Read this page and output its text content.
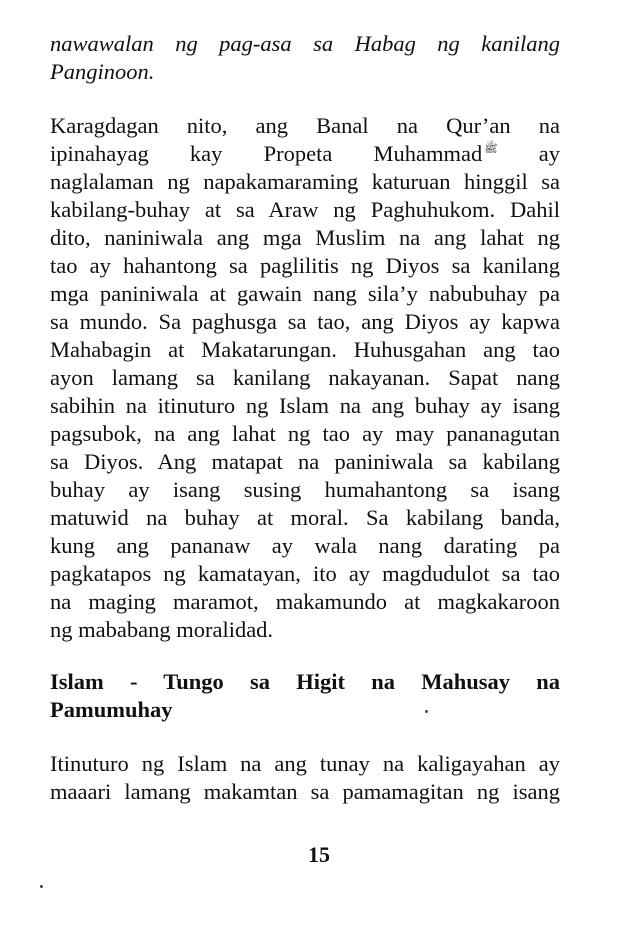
nawawalan ng pag-asa sa Habag ng kanilang
Panginoon.

Karagdagan nito, ang Banal na Qur’an na
ipinahayag kay Propeta Muhammad ﷺ ay
naglalaman ng napakamaraming katuruan hinggil sa
kabilang-buhay at sa Araw ng Paghuhukom. Dahil
dito, naniniwala ang mga Muslim na ang lahat ng
tao ay hahantong sa paglilitis ng Diyos sa kanilang
mga paniniwala at gawain nang sila’y nabubuhay pa
sa mundo. Sa paghusga sa tao, ang Diyos ay kapwa
Mahabagin at Makatarungan. Huhusgahan ang tao
ayon lamang sa kanilang nakayanan. Sapat nang
sabihin na itinuturo ng Islam na ang buhay ay isang
pagsubok, na ang lahat ng tao ay may pananagutan
sa Diyos. Ang matapat na paniniwala sa kabilang
buhay ay isang susing humahantong sa isang
matuwid na buhay at moral. Sa kabilang banda,
kung ang pananaw ay wala nang darating pa
pagkatapos ng kamatayan, ito ay magdudulot sa tao
na maging maramot, makamundo at magkakaroon
ng mababang moralidad.

Islam - Tungo sa Higit na Mahusay na
Pamumuhay

Itinuturo ng Islam na ang tunay na kaligayahan ay
maaari lamang makamtan sa pamamagitan ng isang

15
